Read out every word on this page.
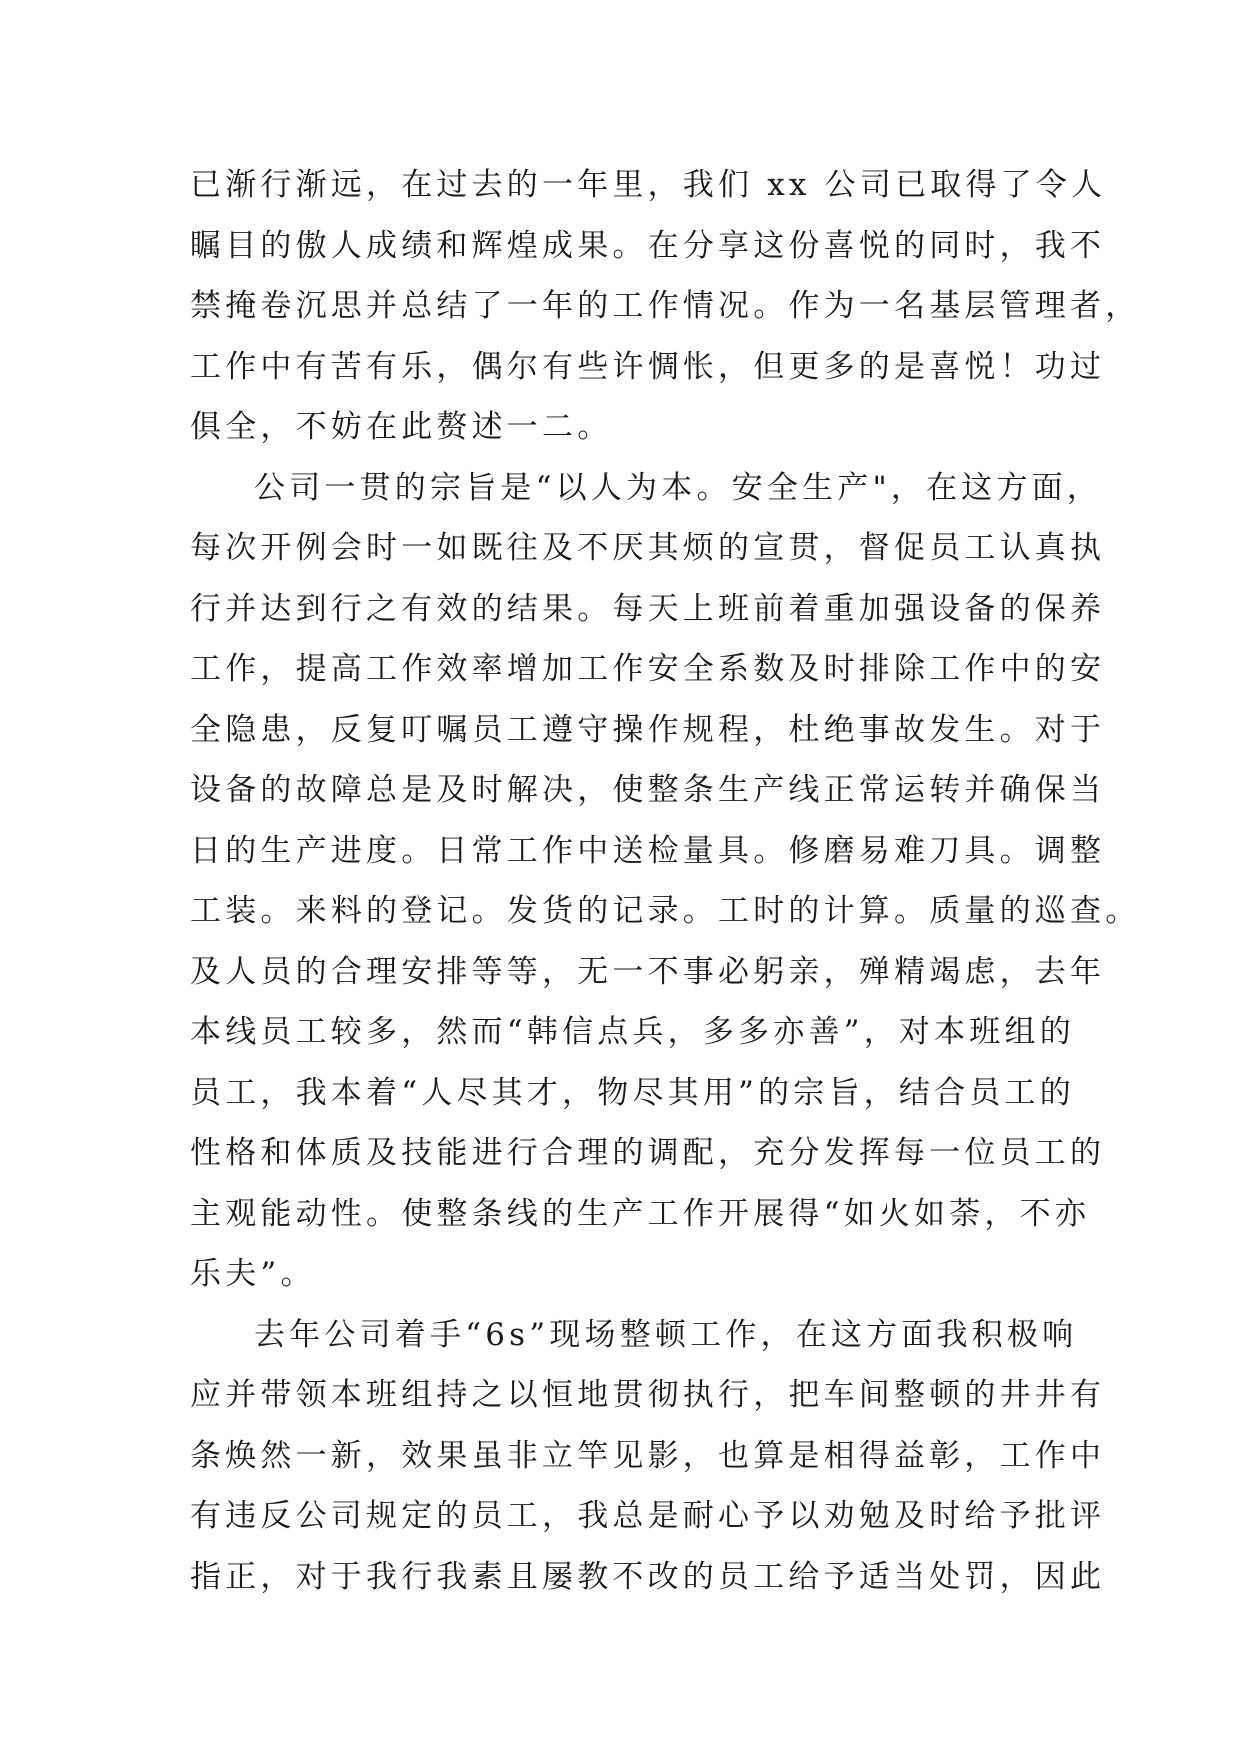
已渐行渐远，在过去的一年里，我们 xx 公司已取得了令人
瞩目的傲人成绩和辉煌成果。在分享这份喜悦的同时，我不
禁掩卷沉思并总结了一年的工作情况。作为一名基层管理者，
工作中有苦有乐，偶尔有些许惆怅，但更多的是喜悦！功过
俱全，不妨在此赘述一二。
公司一贯的宗旨是“以人为本。安全生产"，在这方面，
每次开例会时一如既往及不厌其烦的宣贯，督促员工认真执
行并达到行之有效的结果。每天上班前着重加强设备的保养
工作，提高工作效率增加工作安全系数及时排除工作中的安
全隐患，反复叮嘱员工遵守操作规程，杜绝事故发生。对于
设备的故障总是及时解决，使整条生产线正常运转并确保当
日的生产进度。日常工作中送检量具。修磨易难刀具。调整
工装。来料的登记。发货的记录。工时的计算。质量的巡查。
及人员的合理安排等等，无一不事必躬亲，殚精竭虑，去年
本线员工较多，然而“韩信点兵，多多亦善”，对本班组的
员工，我本着“人尽其才，物尽其用”的宗旨，结合员工的
性格和体质及技能进行合理的调配，充分发挥每一位员工的
主观能动性。使整条线的生产工作开展得“如火如荼，不亦
乐夫”。
去年公司着手“6s”现场整顿工作，在这方面我积极响
应并带领本班组持之以恒地贯彻执行，把车间整顿的井井有
条焕然一新，效果虽非立竿见影，也算是相得益彰，工作中
有违反公司规定的员工，我总是耐心予以劝勉及时给予批评
指正，对于我行我素且屡教不改的员工给予适当处罚，因此
